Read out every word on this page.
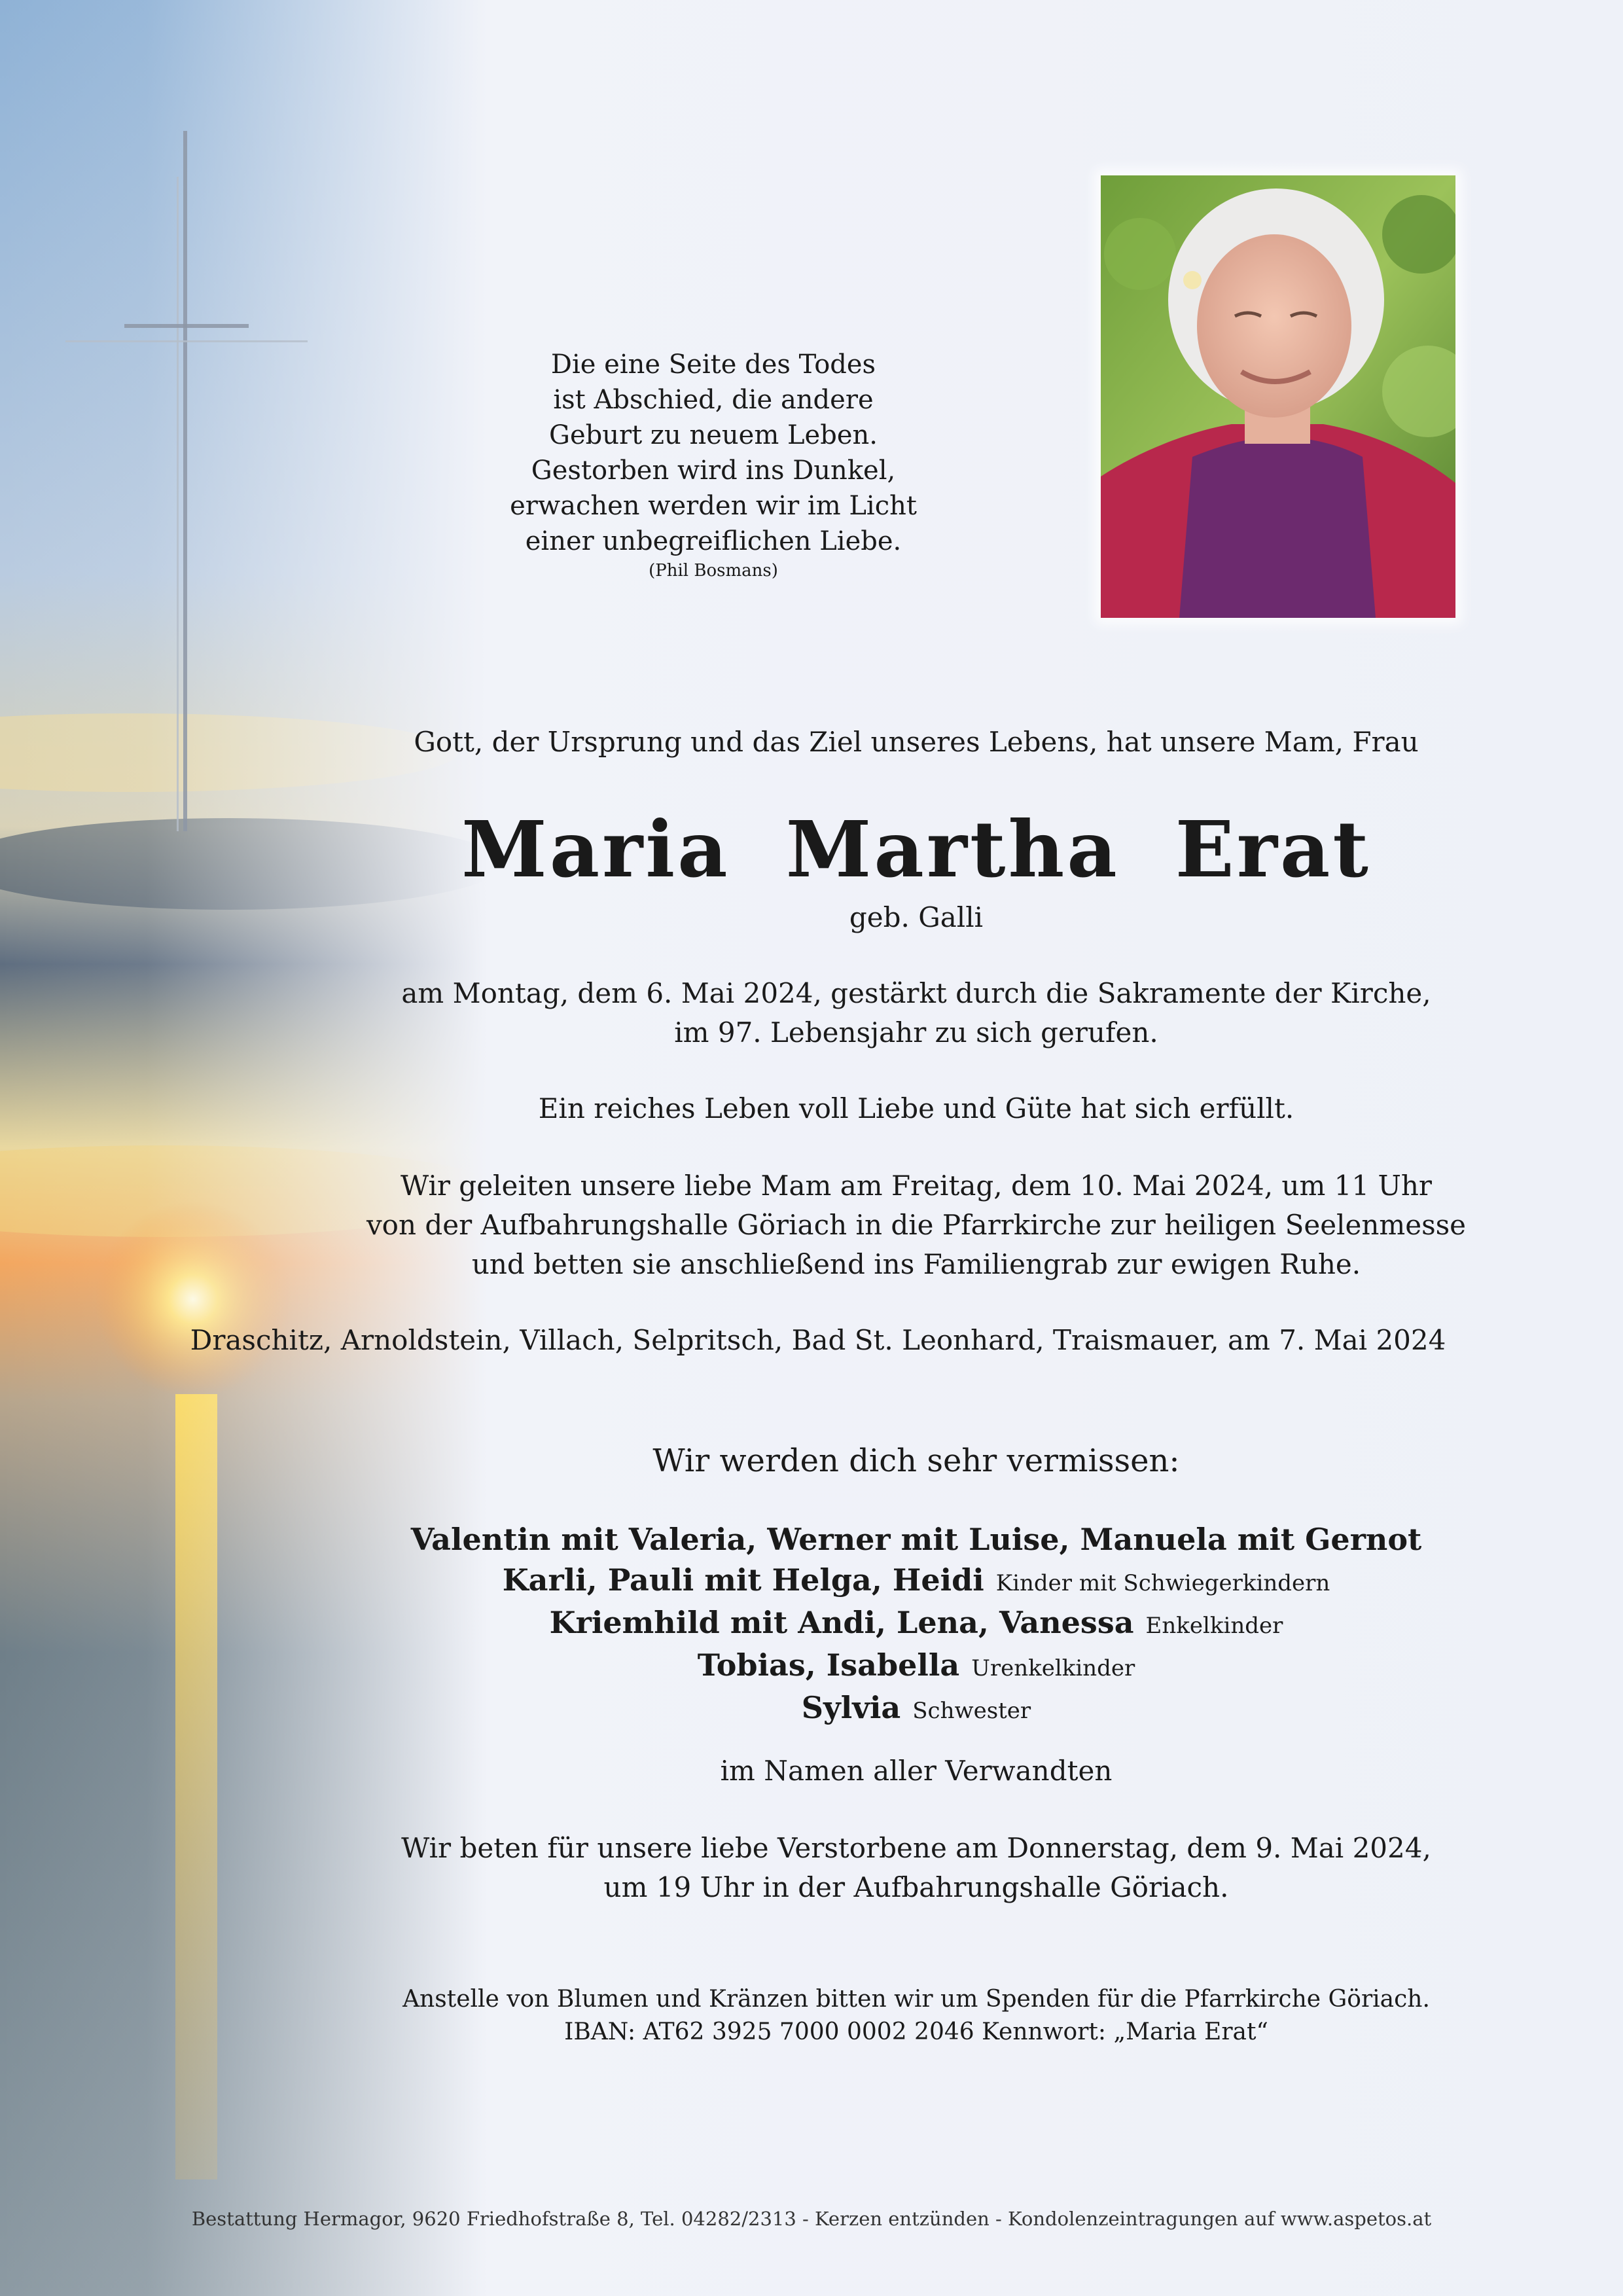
Die eine Seite des Todes
ist Abschied, die andere
Geburt zu neuem Leben.
Gestorben wird ins Dunkel,
erwachen werden wir im Licht
einer unbegreiflichen Liebe.
(Phil Bosmans)
Gott, der Ursprung und das Ziel unseres Lebens, hat unsere Mam, Frau
Maria Martha Erat
geb. Galli
am Montag, dem 6. Mai 2024, gestärkt durch die Sakramente der Kirche,
im 97. Lebensjahr zu sich gerufen.
Ein reiches Leben voll Liebe und Güte hat sich erfüllt.
Wir geleiten unsere liebe Mam am Freitag, dem 10. Mai 2024, um 11 Uhr
von der Aufbahrungshalle Göriach in die Pfarrkirche zur heiligen Seelenmesse
und betten sie anschließend ins Familiengrab zur ewigen Ruhe.
Draschitz, Arnoldstein, Villach, Selpritsch, Bad St. Leonhard, Traismauer, am 7. Mai 2024
Wir werden dich sehr vermissen:
Valentin mit Valeria, Werner mit Luise, Manuela mit Gernot
Karli, Pauli mit Helga, Heidi Kinder mit Schwiegerkindern
Kriemhild mit Andi, Lena, Vanessa Enkelkinder
Tobias, Isabella Urenkelkinder
Sylvia Schwester
im Namen aller Verwandten
Wir beten für unsere liebe Verstorbene am Donnerstag, dem 9. Mai 2024,
um 19 Uhr in der Aufbahrungshalle Göriach.
Anstelle von Blumen und Kränzen bitten wir um Spenden für die Pfarrkirche Göriach.
IBAN: AT62 3925 7000 0002 2046 Kennwort: „Maria Erat“
Bestattung Hermagor, 9620 Friedhofstraße 8, Tel. 04282/2313 - Kerzen entzünden - Kondolenzeintragungen auf www.aspetos.at
